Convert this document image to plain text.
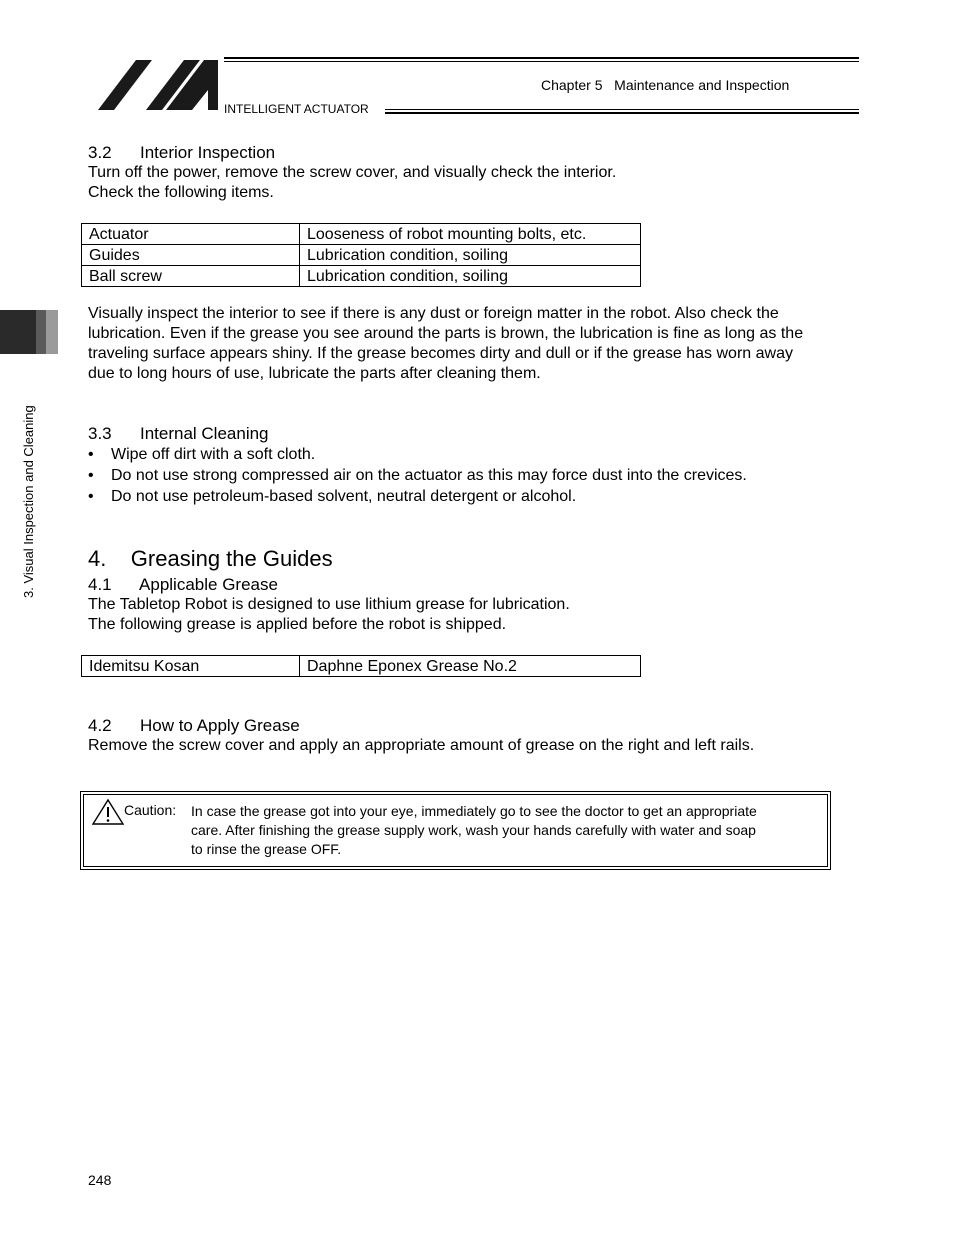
Chapter 5   Maintenance and Inspection
INTELLIGENT ACTUATOR
3. Visual Inspection and Cleaning
3.2      Interior Inspection
Turn off the power, remove the screw cover, and visually check the interior.
Check the following items.
Actuator	Looseness of robot mounting bolts, etc.
Guides	Lubrication condition, soiling
Ball screw	Lubrication condition, soiling
Visually inspect the interior to see if there is any dust or foreign matter in the robot. Also check the
lubrication. Even if the grease you see around the parts is brown, the lubrication is fine as long as the
traveling surface appears shiny. If the grease becomes dirty and dull or if the grease has worn away
due to long hours of use, lubricate the parts after cleaning them.
3.3      Internal Cleaning
• Wipe off dirt with a soft cloth.
• Do not use strong compressed air on the actuator as this may force dust into the crevices.
• Do not use petroleum-based solvent, neutral detergent or alcohol.
4.    Greasing the Guides
4.1      Applicable Grease
The Tabletop Robot is designed to use lithium grease for lubrication.
The following grease is applied before the robot is shipped.
Idemitsu Kosan	Daphne Eponex Grease No.2
4.2      How to Apply Grease
Remove the screw cover and apply an appropriate amount of grease on the right and left rails.
Caution: In case the grease got into your eye, immediately go to see the doctor to get an appropriate
care. After finishing the grease supply work, wash your hands carefully with water and soap
to rinse the grease OFF.
248
